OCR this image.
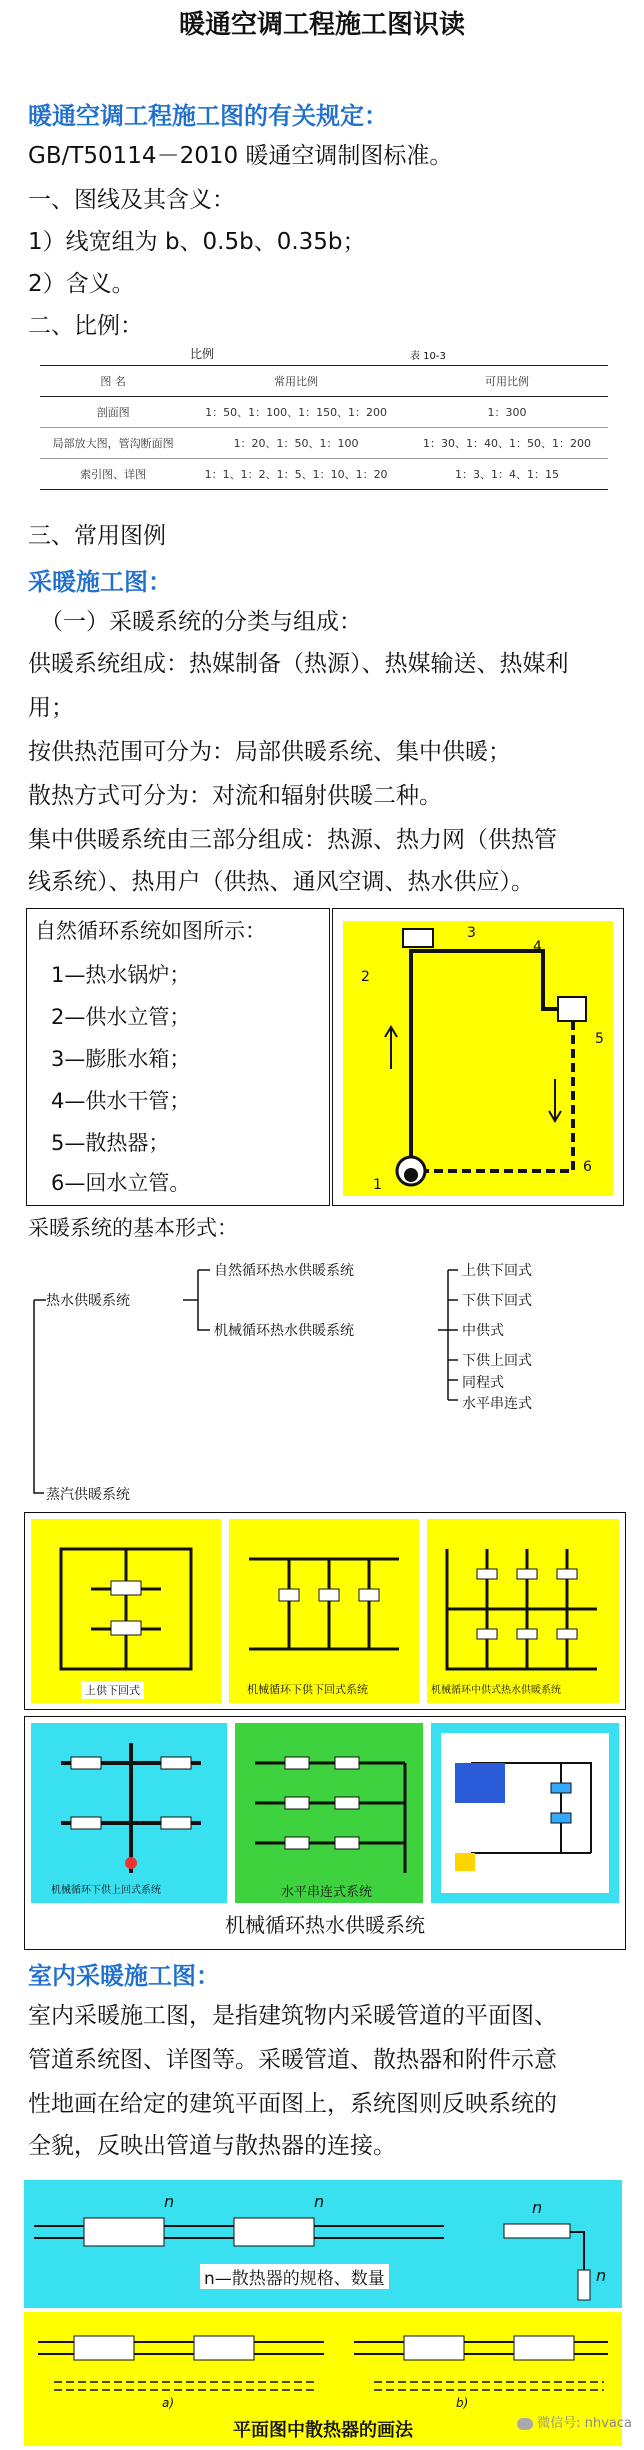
暖通空调工程施工图识读
暖通空调工程施工图的有关规定：
GB/T50114－2010 暖通空调制图标准。
一、图线及其含义：
1）线宽组为 b、0.5b、0.35b；
2）含义。
二、比例：
比例	表 10-3
图 名	常用比例	可用比例
剖面图	1：50、1：100、1：150、1：200	1：300
局部放大图，管沟断面图	1：20、1：50、1：100	1：30、1：40、1：50、1：200
索引图、详图	1：1、1：2、1：5、1：10、1：20	1：3、1：4、1：15
三、常用图例
采暖施工图：
（一）采暖系统的分类与组成：
供暖系统组成：热媒制备（热源）、热媒输送、热媒利
用；
按供热范围可分为：局部供暖系统、集中供暖；
散热方式可分为：对流和辐射供暖二种。
集中供暖系统由三部分组成：热源、热力网（供热管
线系统）、热用户（供热、通风空调、热水供应）。
自然循环系统如图所示：
1—热水锅炉；
2—供水立管；
3—膨胀水箱；
4—供水干管；
5—散热器；
6—回水立管。
3
4
2
5
6
1
采暖系统的基本形式：
热水供暖系统
自然循环热水供暖系统
机械循环热水供暖系统
上供下回式
下供下回式
中供式
下供上回式
同程式
水平串连式
蒸汽供暖系统
上供下回式	机械循环下供下回式系统	机械循环中供式热水供暖系统
机械循环下供上回式系统	水平串连式系统
机械循环热水供暖系统
室内采暖施工图：
室内采暖施工图，是指建筑物内采暖管道的平面图、
管道系统图、详图等。采暖管道、散热器和附件示意
性地画在给定的建筑平面图上，系统图则反映系统的
全貌，反映出管道与散热器的连接。
n	n	n
n
n—散热器的规格、数量
a)	b)
平面图中散热器的画法	微信号: nhvaca
